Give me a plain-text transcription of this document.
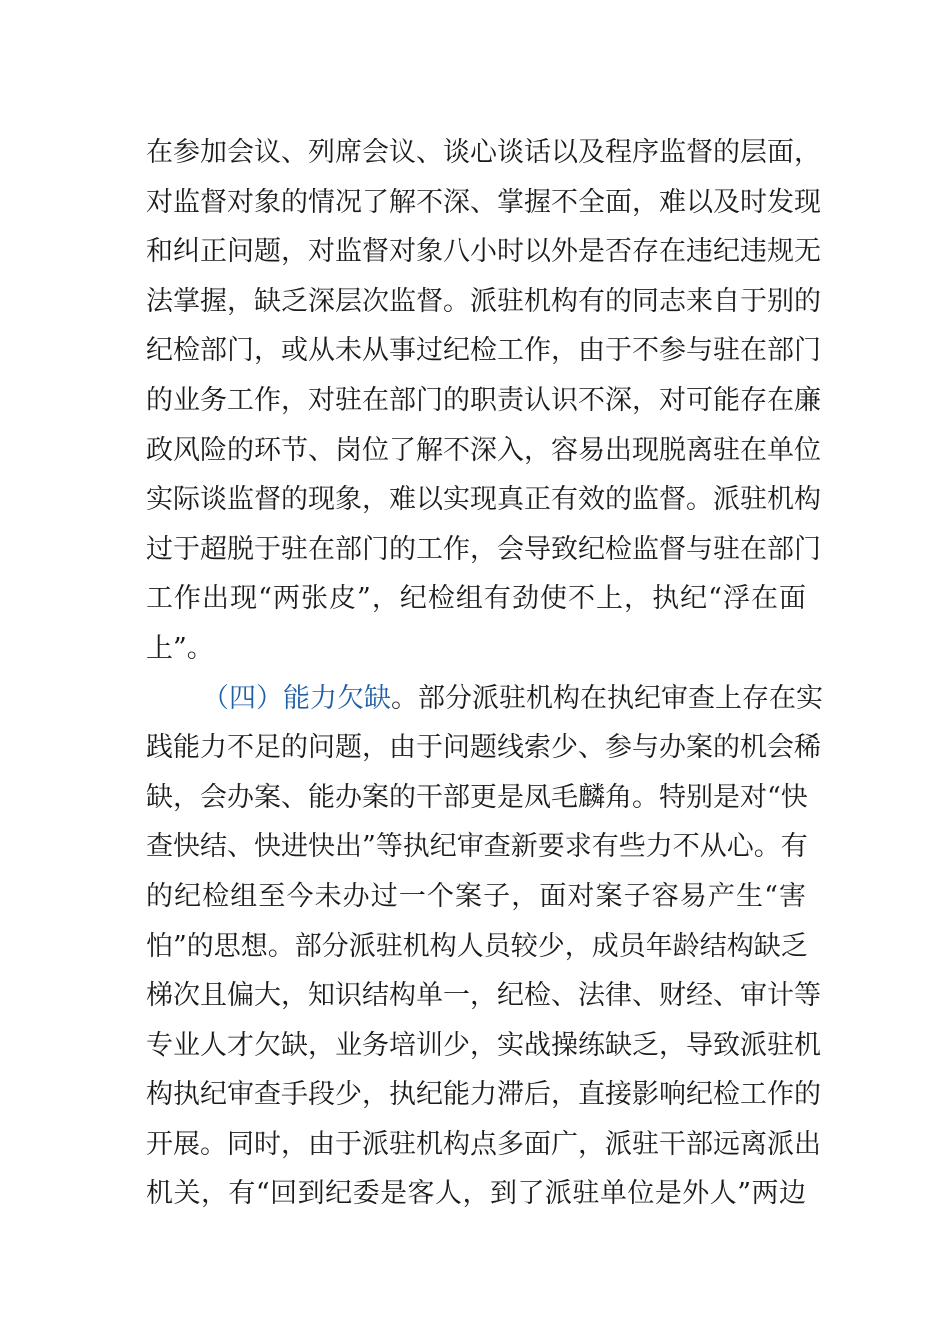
在参加会议、列席会议、谈心谈话以及程序监督的层面，
对监督对象的情况了解不深、掌握不全面，难以及时发现
和纠正问题，对监督对象八小时以外是否存在违纪违规无
法掌握，缺乏深层次监督。派驻机构有的同志来自于别的
纪检部门，或从未从事过纪检工作，由于不参与驻在部门
的业务工作，对驻在部门的职责认识不深，对可能存在廉
政风险的环节、岗位了解不深入，容易出现脱离驻在单位
实际谈监督的现象，难以实现真正有效的监督。派驻机构
过于超脱于驻在部门的工作，会导致纪检监督与驻在部门
工作出现“两张皮”，纪检组有劲使不上，执纪“浮在面
上”。
（四）能力欠缺。部分派驻机构在执纪审查上存在实
践能力不足的问题，由于问题线索少、参与办案的机会稀
缺，会办案、能办案的干部更是凤毛麟角。特别是对“快
查快结、快进快出”等执纪审查新要求有些力不从心。有
的纪检组至今未办过一个案子，面对案子容易产生“害
怕”的思想。部分派驻机构人员较少，成员年龄结构缺乏
梯次且偏大，知识结构单一，纪检、法律、财经、审计等
专业人才欠缺，业务培训少，实战操练缺乏，导致派驻机
构执纪审查手段少，执纪能力滞后，直接影响纪检工作的
开展。同时，由于派驻机构点多面广，派驻干部远离派出
机关，有“回到纪委是客人，到了派驻单位是外人”两边
